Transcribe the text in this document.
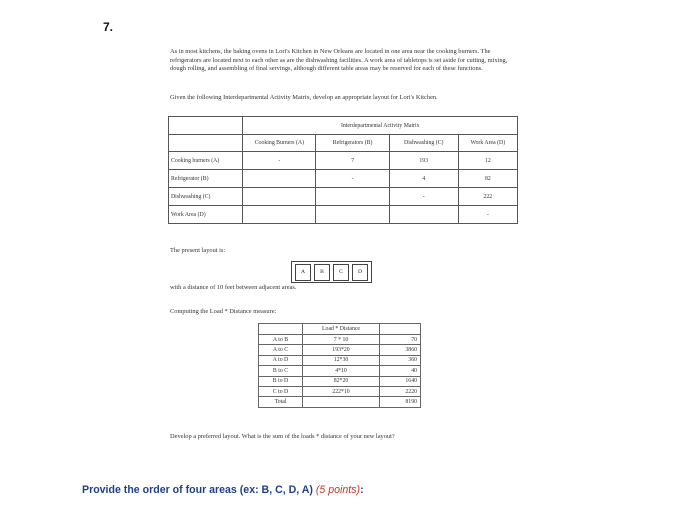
7.
As in most kitchens, the baking ovens in Lori's Kitchen in New Orleans are located in one area near the cooking burners. The refrigerators are located next to each other as are the dishwashing facilities. A work area of tabletops is set aside for cutting, mixing, dough rolling, and assembling of final servings, although different table areas may be reserved for each of these functions.
Given the following Interdepartmental Activity Matrix, develop an appropriate layout for Lori's Kitchen.
	Interdepartmental Activity Matrix			
	Cooking Burners (A)	Refrigerators (B)	Dishwashing (C)	Work Area (D)
Cooking burners (A)	-	7	193	12
Refrigerator (B)		-	4	82
Dishwashing (C)			-	222
Work Area (D)				-
The present layout is:
A	B	C	D
with a distance of 10 feet between adjacent areas.
Computing the Load * Distance measure:
	Load * Distance	
A to B	7 * 10	70
A to C	193*20	3860
A to D	12*30	360
B to C	4*10	40
B to D	82*20	1640
C to D	222*10	2220
Total		8190
Develop a preferred layout. What is the sum of the loads * distance of your new layout?
Provide the order of four areas (ex: B, C, D, A) (5 points):
